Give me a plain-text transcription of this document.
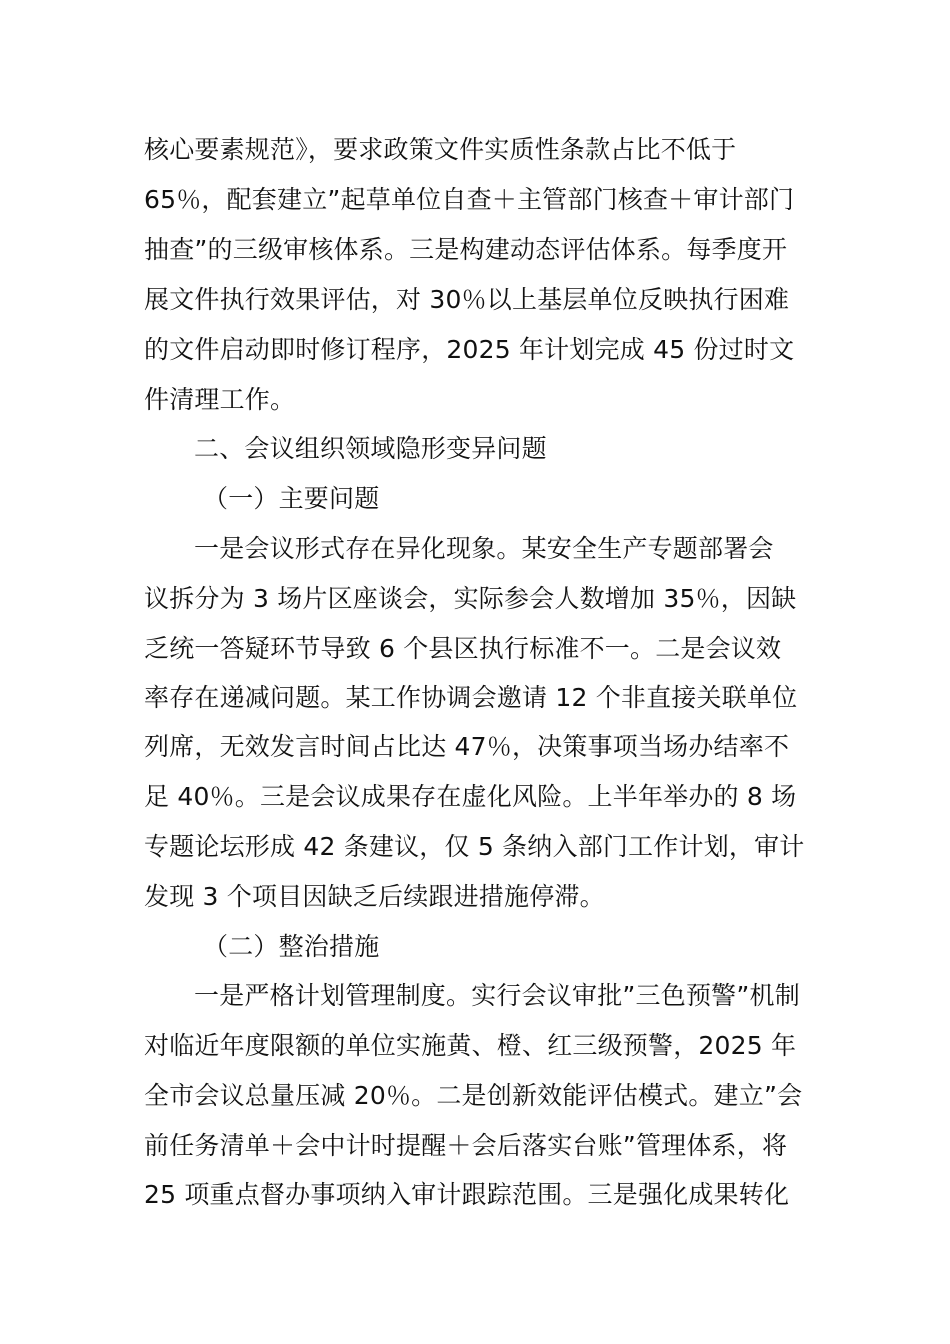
核心要素规范》，要求政策文件实质性条款占比不低于
65％，配套建立”起草单位自查＋主管部门核查＋审计部门
抽查”的三级审核体系。三是构建动态评估体系。每季度开
展文件执行效果评估，对 30％以上基层单位反映执行困难
的文件启动即时修订程序，2025 年计划完成 45 份过时文
件清理工作。
二、会议组织领域隐形变异问题
（一）主要问题
一是会议形式存在异化现象。某安全生产专题部署会
议拆分为 3 场片区座谈会，实际参会人数增加 35％，因缺
乏统一答疑环节导致 6 个县区执行标准不一。二是会议效
率存在递减问题。某工作协调会邀请 12 个非直接关联单位
列席，无效发言时间占比达 47％，决策事项当场办结率不
足 40％。三是会议成果存在虚化风险。上半年举办的 8 场
专题论坛形成 42 条建议，仅 5 条纳入部门工作计划，审计
发现 3 个项目因缺乏后续跟进措施停滞。
（二）整治措施
一是严格计划管理制度。实行会议审批”三色预警”机制
对临近年度限额的单位实施黄、橙、红三级预警，2025 年
全市会议总量压减 20％。二是创新效能评估模式。建立”会
前任务清单＋会中计时提醒＋会后落实台账”管理体系，将
25 项重点督办事项纳入审计跟踪范围。三是强化成果转化
